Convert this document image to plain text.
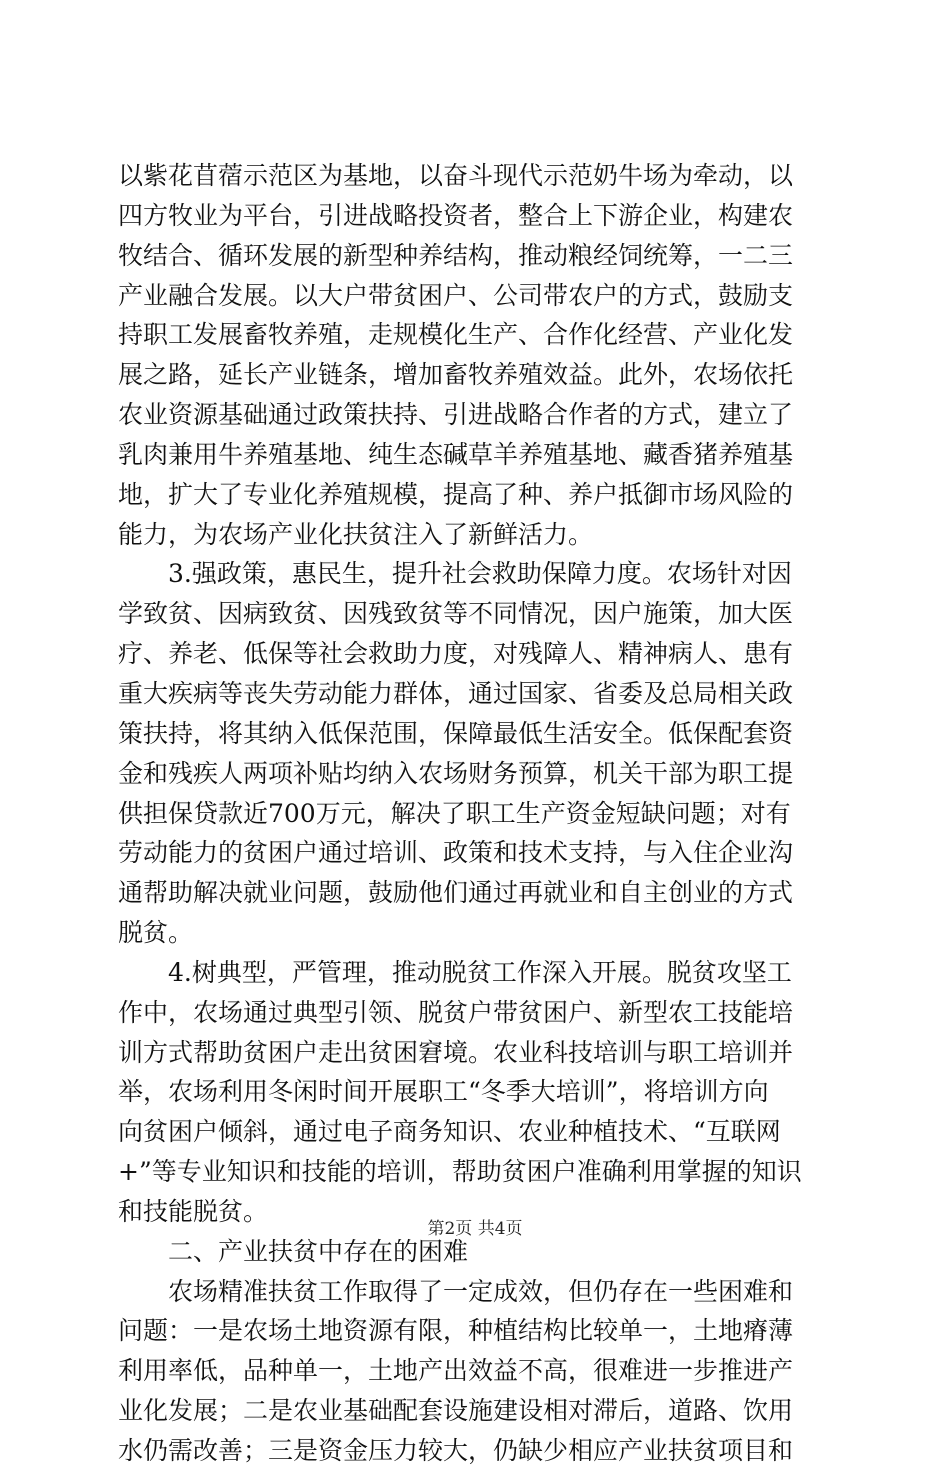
以紫花苜蓿示范区为基地，以奋斗现代示范奶牛场为牵动，以
四方牧业为平台，引进战略投资者，整合上下游企业，构建农
牧结合、循环发展的新型种养结构，推动粮经饲统筹，一二三
产业融合发展。以大户带贫困户、公司带农户的方式，鼓励支
持职工发展畜牧养殖，走规模化生产、合作化经营、产业化发
展之路，延长产业链条，增加畜牧养殖效益。此外，农场依托
农业资源基础通过政策扶持、引进战略合作者的方式，建立了
乳肉兼用牛养殖基地、纯生态碱草羊养殖基地、藏香猪养殖基
地，扩大了专业化养殖规模，提高了种、养户抵御市场风险的
能力，为农场产业化扶贫注入了新鲜活力。
　　3.强政策，惠民生，提升社会救助保障力度。农场针对因
学致贫、因病致贫、因残致贫等不同情况，因户施策，加大医
疗、养老、低保等社会救助力度，对残障人、精神病人、患有
重大疾病等丧失劳动能力群体，通过国家、省委及总局相关政
策扶持，将其纳入低保范围，保障最低生活安全。低保配套资
金和残疾人两项补贴均纳入农场财务预算，机关干部为职工提
供担保贷款近700万元，解决了职工生产资金短缺问题；对有
劳动能力的贫困户通过培训、政策和技术支持，与入住企业沟
通帮助解决就业问题，鼓励他们通过再就业和自主创业的方式
脱贫。
　　4.树典型，严管理，推动脱贫工作深入开展。脱贫攻坚工
作中，农场通过典型引领、脱贫户带贫困户、新型农工技能培
训方式帮助贫困户走出贫困窘境。农业科技培训与职工培训并
举，农场利用冬闲时间开展职工“冬季大培训”，将培训方向
向贫困户倾斜，通过电子商务知识、农业种植技术、“互联网
+”等专业知识和技能的培训，帮助贫困户准确利用掌握的知识
和技能脱贫。
　　二、产业扶贫中存在的困难
　　农场精准扶贫工作取得了一定成效，但仍存在一些困难和
问题：一是农场土地资源有限，种植结构比较单一，土地瘠薄
利用率低，品种单一，土地产出效益不高，很难进一步推进产
业化发展；二是农业基础配套设施建设相对滞后，道路、饮用
水仍需改善；三是资金压力较大，仍缺少相应产业扶贫项目和
第2页 共4页
